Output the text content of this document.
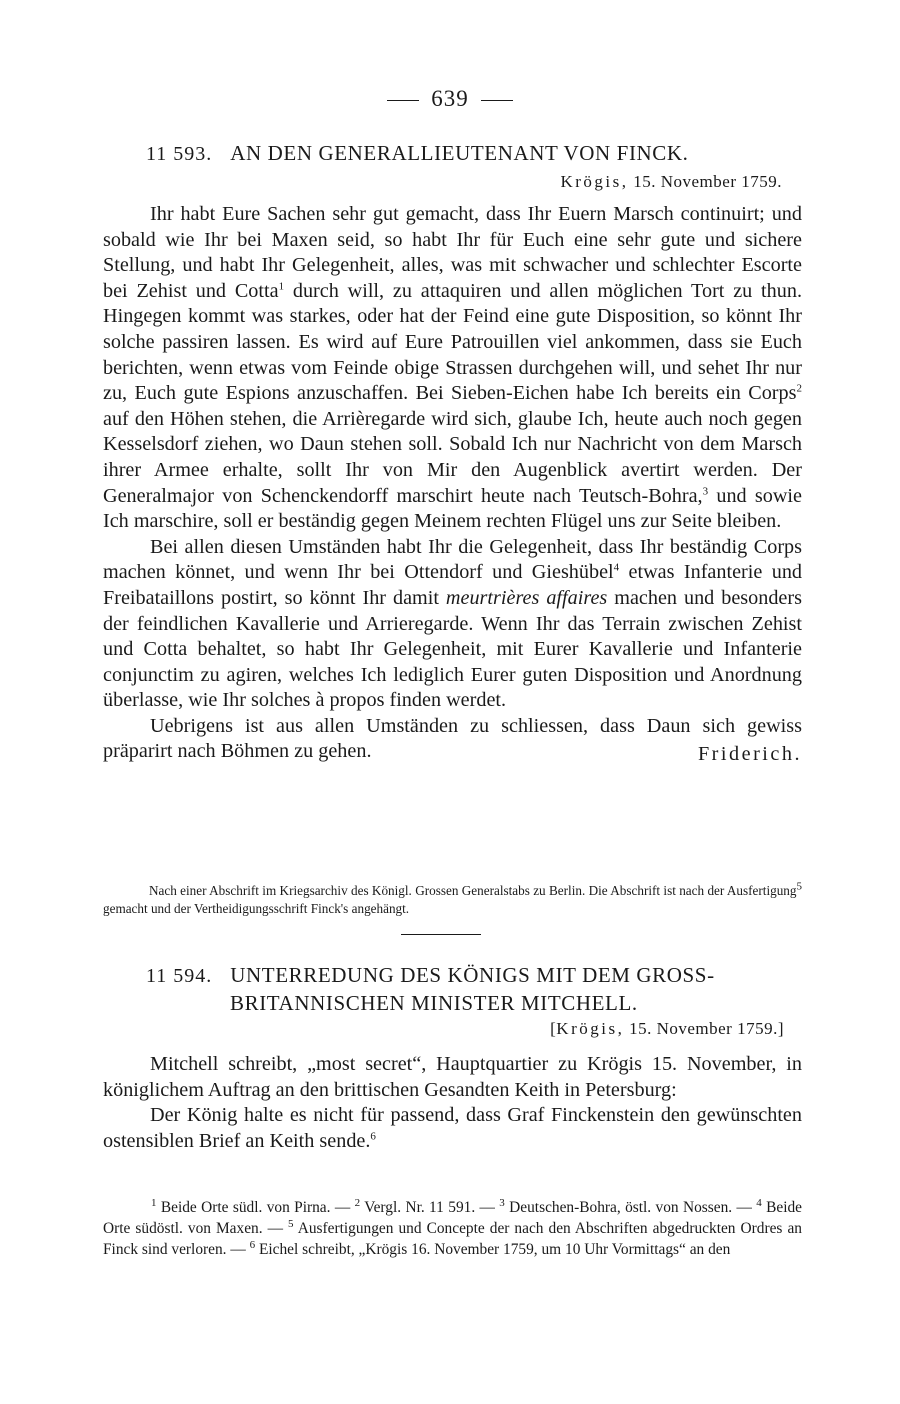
639
11 593. AN DEN GENERALLIEUTENANT VON FINCK.
Krögis, 15. November 1759.

Ihr habt Eure Sachen sehr gut gemacht, dass Ihr Euern Marsch continuirt; und sobald wie Ihr bei Maxen seid, so habt Ihr für Euch eine sehr gute und sichere Stellung, und habt Ihr Gelegenheit, alles, was mit schwacher und schlechter Escorte bei Zehist und Cotta$^1$ durch will, zu attaquiren und allen möglichen Tort zu thun. Hingegen kommt was starkes, oder hat der Feind eine gute Disposition, so könnt Ihr solche passiren lassen. Es wird auf Eure Patrouillen viel ankommen, dass sie Euch berichten, wenn etwas vom Feinde obige Strassen durchgehen will, und sehet Ihr nur zu, Euch gute Espions anzuschaffen. Bei Sieben-Eichen habe Ich bereits ein Corps$^2$ auf den Höhen stehen, die Arrièregarde wird sich, glaube Ich, heute auch noch gegen Kesselsdorf ziehen, wo Daun stehen soll. Sobald Ich nur Nachricht von dem Marsch ihrer Armee erhalte, sollt Ihr von Mir den Augenblick avertirt werden. Der Generalmajor von Schenckendorff marschirt heute nach Teutsch-Bohra,$^3$ und sowie Ich marschire, soll er beständig gegen Meinem rechten Flügel uns zur Seite bleiben.

Bei allen diesen Umständen habt Ihr die Gelegenheit, dass Ihr beständig Corps machen könnet, und wenn Ihr bei Ottendorf und Gieshübel$^4$ etwas Infanterie und Freibataillons postirt, so könnt Ihr damit meurtrières affaires machen und besonders der feindlichen Kavallerie und Arrieregarde. Wenn Ihr das Terrain zwischen Zehist und Cotta behaltet, so habt Ihr Gelegenheit, mit Eurer Kavallerie und Infanterie conjunctim zu agiren, welches Ich lediglich Eurer guten Disposition und Anordnung überlasse, wie Ihr solches à propos finden werdet.

Uebrigens ist aus allen Umständen zu schliessen, dass Daun sich gewiss präparirt nach Böhmen zu gehen.	Friderich.

Nach einer Abschrift im Kriegsarchiv des Königl. Grossen Generalstabs zu Berlin. Die Abschrift ist nach der Ausfertigung$^5$ gemacht und der Vertheidigungsschrift Finck's angehängt.

11 594. UNTERREDUNG DES KÖNIGS MIT DEM GROSS-
BRITANNISCHEN MINISTER MITCHELL.
[Krögis, 15. November 1759.]

Mitchell schreibt, „most secret“, Hauptquartier zu Krögis 15. November, in königlichem Auftrag an den brittischen Gesandten Keith in Petersburg:

Der König halte es nicht für passend, dass Graf Finckenstein den gewünschten ostensiblen Brief an Keith sende.$^6$

$^1$ Beide Orte südl. von Pirna. — $^2$ Vergl. Nr. 11 591. — $^3$ Deutschen-Bohra, östl. von Nossen. — $^4$ Beide Orte südöstl. von Maxen. — $^5$ Ausfertigungen und Concepte der nach den Abschriften abgedruckten Ordres an Finck sind verloren. — $^6$ Eichel schreibt, „Krögis 16. November 1759, um 10 Uhr Vormittags“ an den
